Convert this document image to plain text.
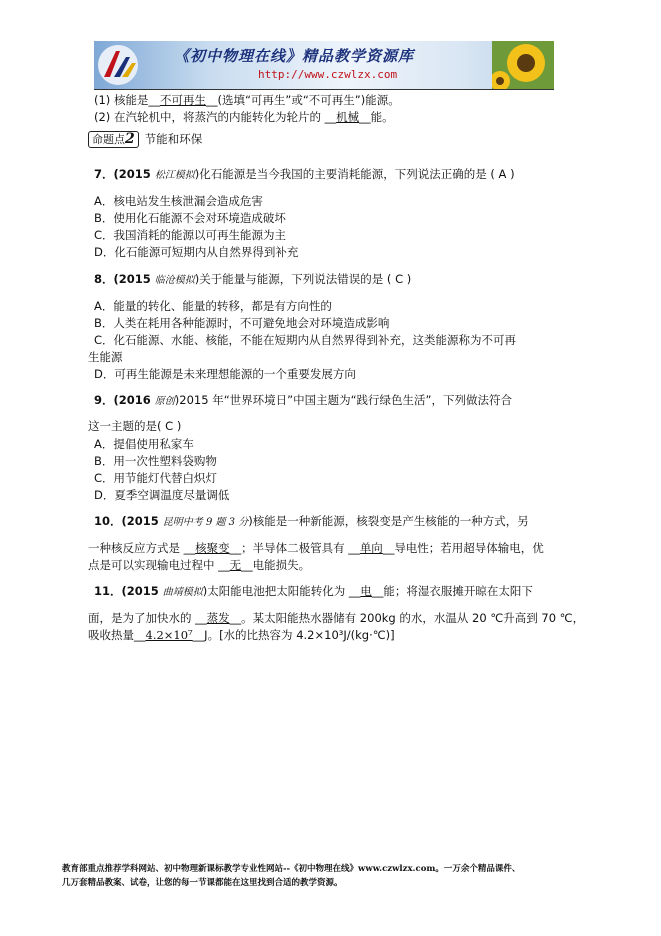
《初中物理在线》精品教学资源库
http://www.czwlzx.com
(1) 核能是__不可再生__(选填“可再生”或“不可再生”)能源。
(2) 在汽轮机中，将蒸汽的内能转化为轮片的 __机械__能。
命题点2 节能和环保
7．(2015 松江模拟)化石能源是当今我国的主要消耗能源，下列说法正确的是 ( A )
A．核电站发生核泄漏会造成危害
B．使用化石能源不会对环境造成破坏
C．我国消耗的能源以可再生能源为主
D．化石能源可短期内从自然界得到补充
8．(2015 临沧模拟)关于能量与能源，下列说法错误的是 ( C )
A．能量的转化、能量的转移，都是有方向性的
B．人类在耗用各种能源时，不可避免地会对环境造成影响
C．化石能源、水能、核能，不能在短期内从自然界得到补充，这类能源称为不可再
生能源
D．可再生能源是未来理想能源的一个重要发展方向
9．(2016 原创)2015 年“世界环境日”中国主题为“践行绿色生活”，下列做法符合
这一主题的是( C )
A．提倡使用私家车
B．用一次性塑料袋购物
C．用节能灯代替白炽灯
D．夏季空调温度尽量调低
10．(2015 昆明中考 9 题 3 分)核能是一种新能源，核裂变是产生核能的一种方式，另
一种核反应方式是 __核聚变__；半导体二极管具有 __单向__导电性；若用超导体输电，优
点是可以实现输电过程中 __无__电能损失。
11．(2015 曲靖模拟)太阳能电池把太阳能转化为 __电__能；将湿衣服摊开晾在太阳下
面，是为了加快水的 __蒸发__。某太阳能热水器储有 200kg 的水，水温从 20 ℃升高到 70 ℃，
吸收热量__4.2×10⁷__J。[水的比热容为 4.2×10³J/(kg·℃)]
教育部重点推荐学科网站、初中物理新课标教学专业性网站--《初中物理在线》www.czwlzx.com。一万余个精品课件、
几万套精品教案、试卷，让您的每一节课都能在这里找到合适的教学资源。
